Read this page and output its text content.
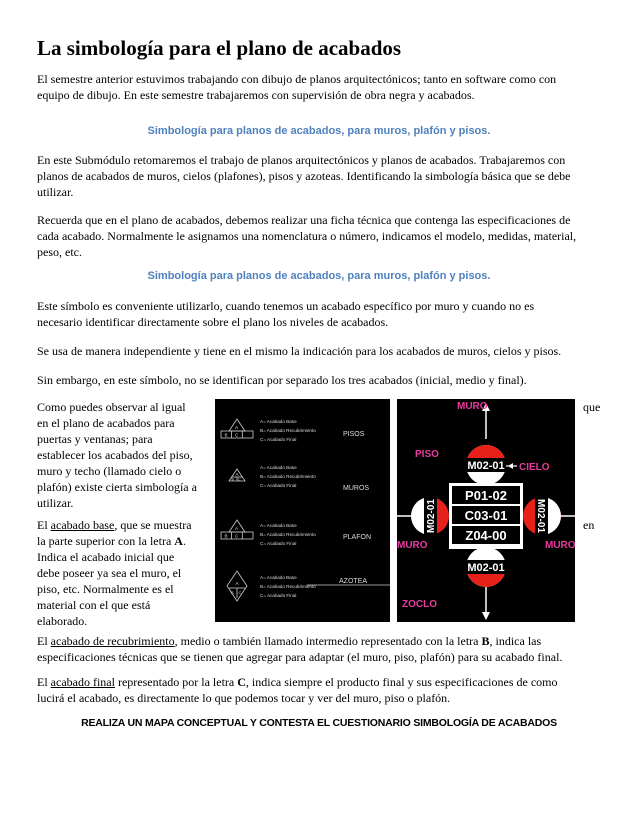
La simbología para el plano de acabados
El semestre anterior estuvimos trabajando con dibujo de planos arquitectónicos; tanto en software como con
equipo de dibujo. En este semestre trabajaremos con supervisión de obra negra y acabados.
Simbología para planos de acabados, para muros, plafón y pisos.
En este Submódulo retomaremos el trabajo de planos arquitectónicos y planos de acabados. Trabajaremos con
planos de acabados de muros, cielos (plafones), pisos y azoteas. Identificando la simbología básica que se debe
utilizar.
Recuerda que en el plano de acabados, debemos realizar una ficha técnica que contenga las especificaciones de
cada acabado. Normalmente le asignamos una nomenclatura o número, indicamos el modelo, medidas, material,
peso, etc.
Simbología para planos de acabados, para muros, plafón y pisos.
Este símbolo es conveniente utilizarlo, cuando tenemos un acabado específico por muro y cuando no es
necesario identificar directamente sobre el plano los niveles de acabados.
Se usa de manera independiente y tiene en el mismo la indicación para los acabados de muros, cielos y pisos.
Sin embargo, en este símbolo, no se identifican por separado los tres acabados (inicial, medio y final).
Como puedes observar al igual
en el plano de acabados para
puertas y ventanas; para
establecer los acabados del piso,
muro y techo (llamado cielo o
plafón) existe cierta simbología a
utilizar.
que
El acabado base, que se muestra
la parte superior con la letra A.
Indica el acabado inicial que
debe poseer ya sea el muro, el
piso, etc. Normalmente es el
material con el que está
elaborado.
en
A
B C
A= Acabado Base
B= Acabado Recubrimiento
C= Acabado Final
PISOS
A
B C
A= Acabado Base
B= Acabado Recubrimiento
C= Acabado Final	MUROS
A
B C
A= Acabado Base
B= Acabado Recubrimiento
C= Acabado Final
PLAFON
A
B C
A= Acabado Base
B= Acabado Recubrimiento
C= Acabado Final
AZOTEA
M02-01
P01-02
C03-01
Z04-00
M02-01	M02-01
M02-01
MURO
PISO
CIELO
MURO	MURO
ZOCLO
El acabado de recubrimiento, medio o también llamado intermedio representado con la letra B, indica las
especificaciones técnicas que se tienen que agregar para adaptar (el muro, piso, plafón) para su acabado final.
El acabado final representado por la letra C, indica siempre el producto final y sus especificaciones de como
lucirá el acabado, es directamente lo que podemos tocar y ver del muro, piso o plafón.
REALIZA UN MAPA CONCEPTUAL Y CONTESTA EL CUESTIONARIO SIMBOLOGÍA DE ACABADOS
